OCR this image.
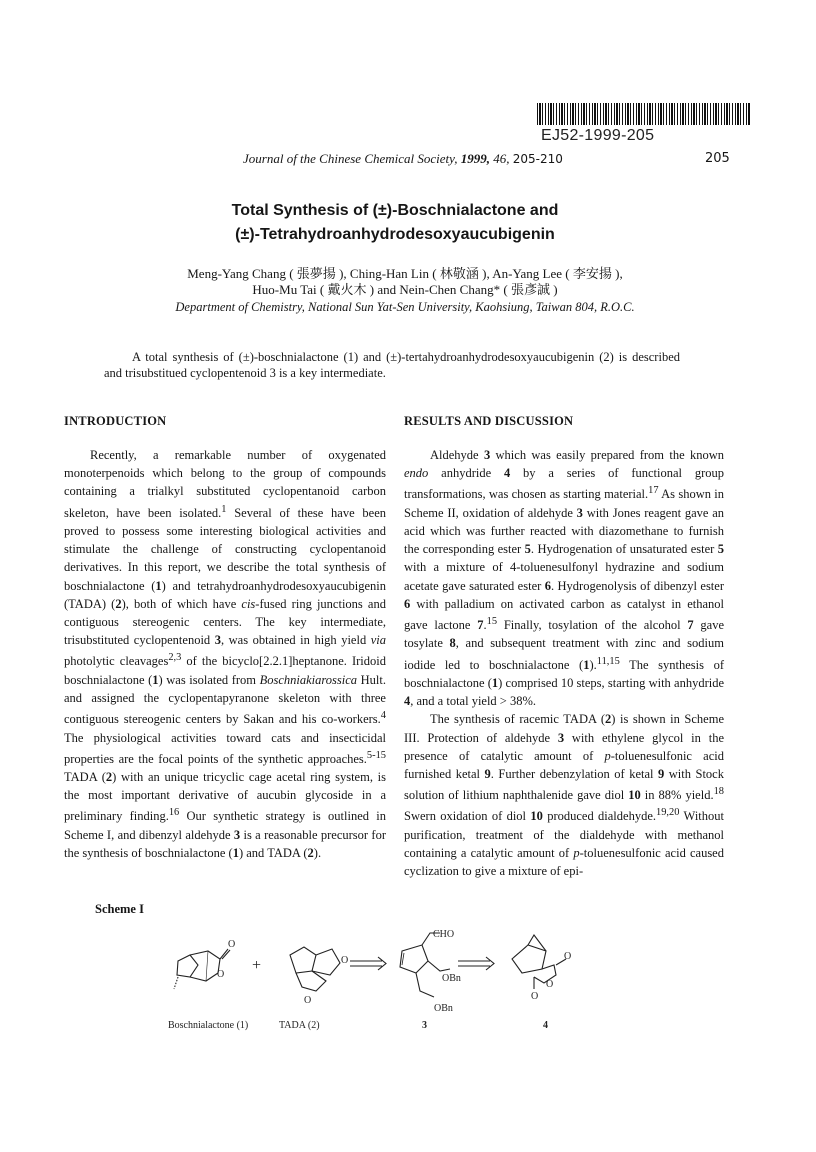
EJ52-1999-205
Journal of the Chinese Chemical Society, 1999, 46, 205-210	205
Total Synthesis of (±)-Boschnialactone and
(±)-Tetrahydroanhydrodesoxyaucubigenin
Meng-Yang Chang ( 張夢揚 ), Ching-Han Lin ( 林敬涵 ), An-Yang Lee ( 李安揚 ),
Huo-Mu Tai ( 戴火木 ) and Nein-Chen Chang* ( 張彥誠 )
Department of Chemistry, National Sun Yat-Sen University, Kaohsiung, Taiwan 804, R.O.C.
A total synthesis of (±)-boschnialactone (1) and (±)-tertahydroanhydrodesoxyaucubigenin (2) is described and trisubstitued cyclopentenoid 3 is a key intermediate.
INTRODUCTION	RESULTS AND DISCUSSION

Recently, a remarkable number of oxygenated monoterpenoids which belong to the group of compounds containing a trialkyl substituted cyclopentanoid carbon skeleton, have been isolated.$^1$ Several of these have been proved to possess some interesting biological activities and stimulate the challenge of constructing cyclopentanoid derivatives. In this report, we describe the total synthesis of boschnialactone (1) and tetrahydroanhydrodesoxyaucubigenin (TADA) (2), both of which have cis-fused ring junctions and contiguous stereogenic centers. The key intermediate, trisubstituted cyclopentenoid 3, was obtained in high yield via photolytic cleavages$^{2,3}$ of the bicyclo[2.2.1]heptanone. Iridoid boschnialactone (1) was isolated from Boschniakiarossica Hult. and assigned the cyclopentapyranone skeleton with three contiguous stereogenic centers by Sakan and his co-workers.$^4$ The physiological activities toward cats and insecticidal properties are the focal points of the synthetic approaches.$^{5-15}$ TADA (2) with an unique tricyclic cage acetal ring system, is the most important derivative of aucubin glycoside in a preliminary finding.$^{16}$ Our synthetic strategy is outlined in Scheme I, and dibenzyl aldehyde 3 is a reasonable precursor for the synthesis of boschnialactone (1) and TADA (2).

Aldehyde 3 which was easily prepared from the known endo anhydride 4 by a series of functional group transformations, was chosen as starting material.$^{17}$ As shown in Scheme II, oxidation of aldehyde 3 with Jones reagent gave an acid which was further reacted with diazomethane to furnish the corresponding ester 5. Hydrogenation of unsaturated ester 5 with a mixture of 4-toluenesulfonyl hydrazine and sodium acetate gave saturated ester 6. Hydrogenolysis of dibenzyl ester 6 with palladium on activated carbon as catalyst in ethanol gave lactone 7.15 Finally, tosylation of the alcohol 7 gave tosylate 8, and subsequent treatment with zinc and sodium iodide led to boschnialactone (1).$^{11,15}$ The synthesis of boschnialactone (1) comprised 10 steps, starting with anhydride 4, and a total yield > 38%.

The synthesis of racemic TADA (2) is shown in Scheme III. Protection of aldehyde 3 with ethylene glycol in the presence of catalytic amount of p-toluenesulfonic acid furnished ketal 9. Further debenzylation of ketal 9 with Stock solution of lithium naphthalenide gave diol 10 in 88% yield.$^{18}$ Swern oxidation of diol 10 produced dialdehyde.$^{19,20}$ Without purification, treatment of the dialdehyde with methanol containing a catalytic amount of p-toluenesulfonic acid caused cyclization to give a mixture of epi-

Scheme I
O
O
+	O
O
CHO
OBn
OBn
O
O
O
Boschnialactone (1)	TADA (2)	3	4
